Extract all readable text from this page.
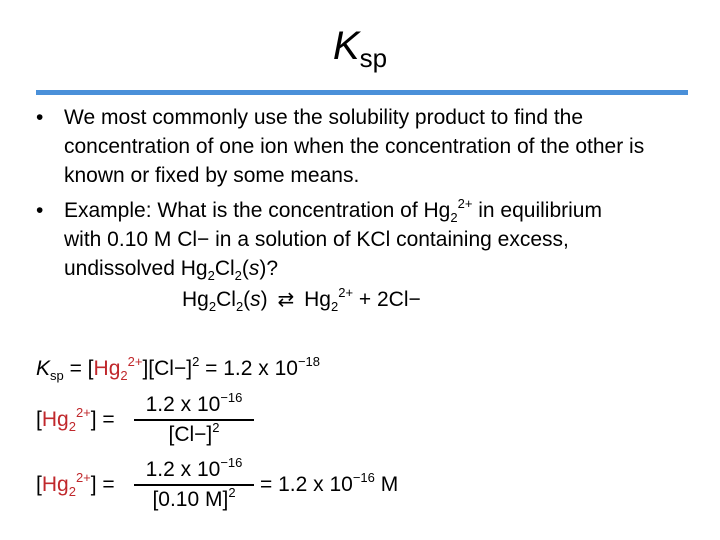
$K_{sp}$
• We most commonly use the solubility product to find the concentration of one ion when the concentration of the other is known or fixed by some means.
• Example: What is the concentration of $Hg_2^{2+}$ in equilibrium
with 0.10 M Cl− in a solution of KCl containing excess,
undissolved $Hg_2Cl_2(s)$?
$Hg_2Cl_2(s)$ ⇄ $Hg_2^{2+} + 2Cl-$
$K_{sp} = [Hg_2^{2+}][Cl-]^2 = 1.2$ x $10^{-18}$
$[Hg_2^{2+}]$ =
1.2 x $10^{-16}$
$[Cl-]^2$
$[Hg_2^{2+}]$ =
1.2 x $10^{-16}$
[0.10 M]$^2$	= 1.2 x $10^{-16}$ M
